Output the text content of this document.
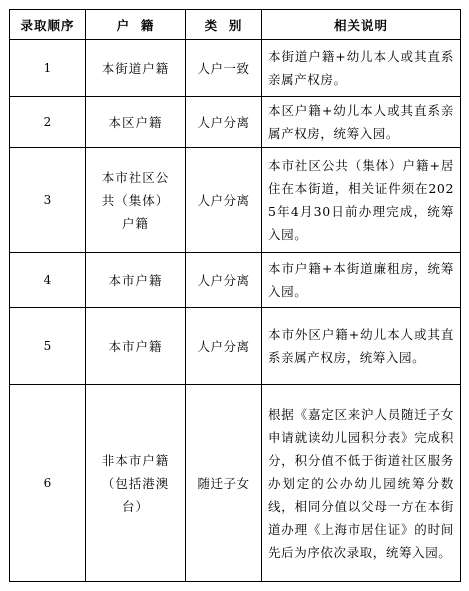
录取顺序	户  籍	类  别	相关说明
1	本街道户籍	人户一致	本街道户籍+幼儿本人或其直系亲属产权房。
2	本区户籍	人户分离	本区户籍+幼儿本人或其直系亲属产权房，统筹入园。
3	本市社区公共（集体）户籍	人户分离	本市社区公共（集体）户籍+居住在本街道，相关证件须在2025年4月30日前办理完成，统筹入园。
4	本市户籍	人户分离	本市户籍+本街道廉租房，统筹入园。
5	本市户籍	人户分离	本市外区户籍+幼儿本人或其直系亲属产权房，统筹入园。
6	非本市户籍（包括港澳台）	随迁子女	根据《嘉定区来沪人员随迁子女申请就读幼儿园积分表》完成积分，积分值不低于街道社区服务办划定的公办幼儿园统筹分数线，相同分值以父母一方在本街道办理《上海市居住证》的时间先后为序依次录取，统筹入园。
